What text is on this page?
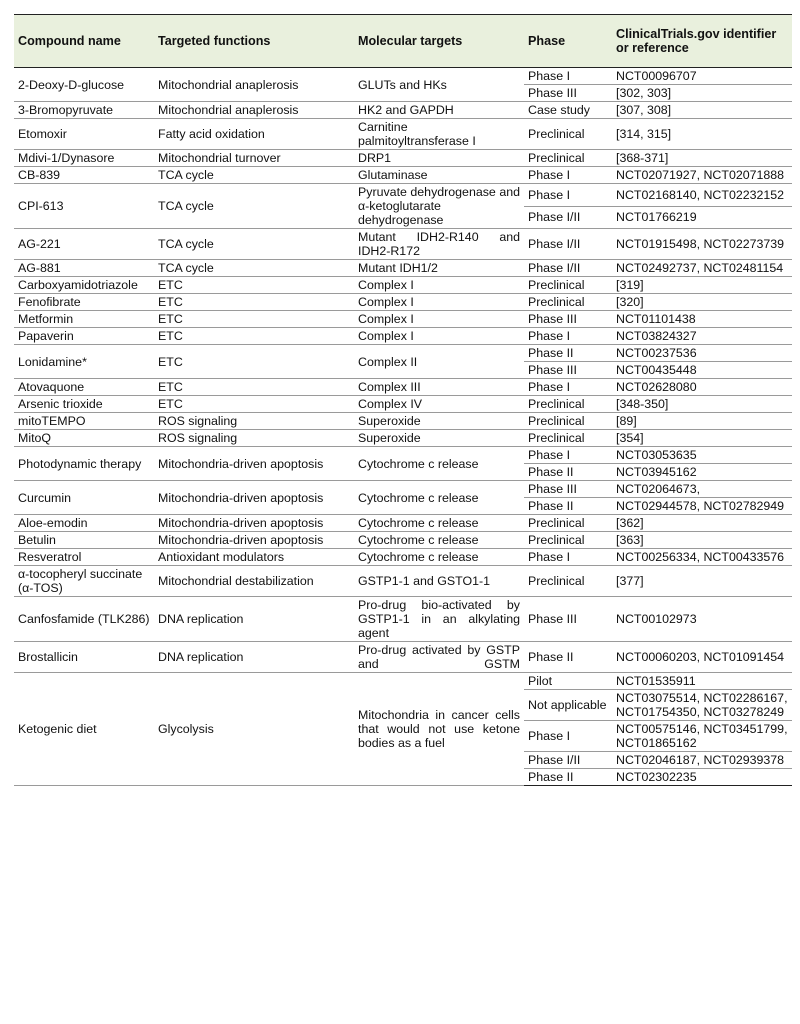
Compound name	Targeted functions	Molecular targets	Phase	ClinicalTrials.gov identifier or reference
2-Deoxy-D-glucose	Mitochondrial anaplerosis	GLUTs and HKs	Phase I	NCT00096707
			Phase III	[302, 303]
3-Bromopyruvate	Mitochondrial anaplerosis	HK2 and GAPDH	Case study	[307, 308]
Etomoxir	Fatty acid oxidation	Carnitine palmitoyltransferase I	Preclinical	[314, 315]
Mdivi-1/Dynasore	Mitochondrial turnover	DRP1	Preclinical	[368-371]
CB-839	TCA cycle	Glutaminase	Phase I	NCT02071927, NCT02071888
CPI-613	TCA cycle	Pyruvate dehydrogenase and α-ketoglutarate dehydrogenase	Phase I	NCT02168140, NCT02232152
			Phase I/II	NCT01766219
AG-221	TCA cycle	Mutant IDH2-R140 and IDH2-R172	Phase I/II	NCT01915498, NCT02273739
AG-881	TCA cycle	Mutant IDH1/2	Phase I/II	NCT02492737, NCT02481154
Carboxyamidotriazole	ETC	Complex I	Preclinical	[319]
Fenofibrate	ETC	Complex I	Preclinical	[320]
Metformin	ETC	Complex I	Phase III	NCT01101438
Papaverin	ETC	Complex I	Phase I	NCT03824327
Lonidamine*	ETC	Complex II	Phase II	NCT00237536
			Phase III	NCT00435448
Atovaquone	ETC	Complex III	Phase I	NCT02628080
Arsenic trioxide	ETC	Complex IV	Preclinical	[348-350]
mitoTEMPO	ROS signaling	Superoxide	Preclinical	[89]
MitoQ	ROS signaling	Superoxide	Preclinical	[354]
Photodynamic therapy	Mitochondria-driven apoptosis	Cytochrome c release	Phase I	NCT03053635
			Phase II	NCT03945162
Curcumin	Mitochondria-driven apoptosis	Cytochrome c release	Phase III	NCT02064673,
			Phase II	NCT02944578, NCT02782949
Aloe-emodin	Mitochondria-driven apoptosis	Cytochrome c release	Preclinical	[362]
Betulin	Mitochondria-driven apoptosis	Cytochrome c release	Preclinical	[363]
Resveratrol	Antioxidant modulators	Cytochrome c release	Phase I	NCT00256334, NCT00433576
α-tocopheryl succinate (α-TOS)	Mitochondrial destabilization	GSTP1-1 and GSTO1-1	Preclinical	[377]
Canfosfamide (TLK286)	DNA replication	Pro-drug bio-activated by GSTP1-1 in an alkylating agent	Phase III	NCT00102973
Brostallicin	DNA replication	Pro-drug activated by GSTP and GSTM	Phase II	NCT00060203, NCT01091454
Ketogenic diet	Glycolysis	Mitochondria in cancer cells that would not use ketone bodies as a fuel	Pilot	NCT01535911
			Not applicable	NCT03075514, NCT02286167, NCT01754350, NCT03278249
			Phase I	NCT00575146, NCT03451799, NCT01865162
			Phase I/II	NCT02046187, NCT02939378
			Phase II	NCT02302235
